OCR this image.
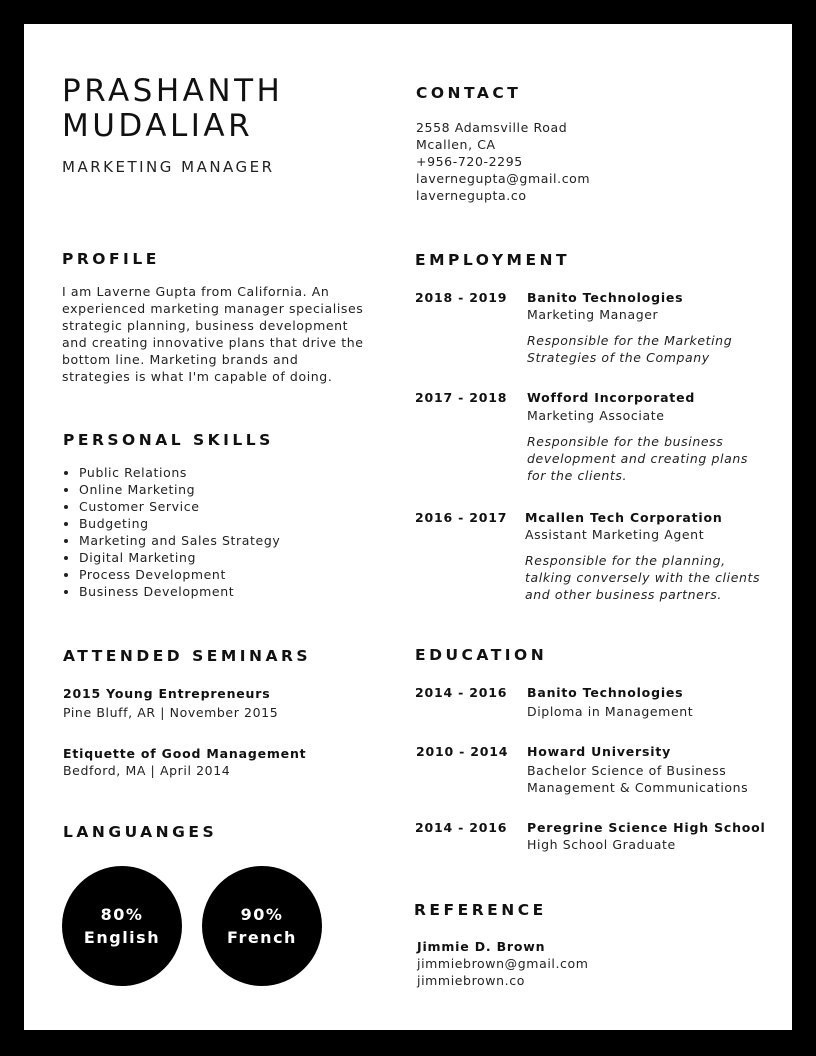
PRASHANTH
MUDALIAR
MARKETING MANAGER
CONTACT
2558 Adamsville Road
Mcallen, CA
+956-720-2295
lavernegupta@gmail.com
lavernegupta.co
PROFILE
I am Laverne Gupta from California. An
experienced marketing manager specialises
strategic planning, business development
and creating innovative plans that drive the
bottom line. Marketing brands and
strategies is what I'm capable of doing.
PERSONAL SKILLS
• Public Relations
• Online Marketing
• Customer Service
• Budgeting
• Marketing and Sales Strategy
• Digital Marketing
• Process Development
• Business Development
ATTENDED SEMINARS
2015 Young Entrepreneurs
Pine Bluff, AR | November 2015
Etiquette of Good Management
Bedford, MA | April 2014
LANGUANGES
80%
English
90%
French
EMPLOYMENT
2018 - 2019 Banito Technologies
Marketing Manager
Responsible for the Marketing
Strategies of the Company
2017 - 2018 Wofford Incorporated
Marketing Associate
Responsible for the business
development and creating plans
for the clients.
2016 - 2017 Mcallen Tech Corporation
Assistant Marketing Agent
Responsible for the planning,
talking conversely with the clients
and other business partners.
EDUCATION
2014 - 2016 Banito Technologies
Diploma in Management
2010 - 2014 Howard University
Bachelor Science of Business
Management & Communications
2014 - 2016 Peregrine Science High School
High School Graduate
REFERENCE
Jimmie D. Brown
jimmiebrown@gmail.com
jimmiebrown.co
